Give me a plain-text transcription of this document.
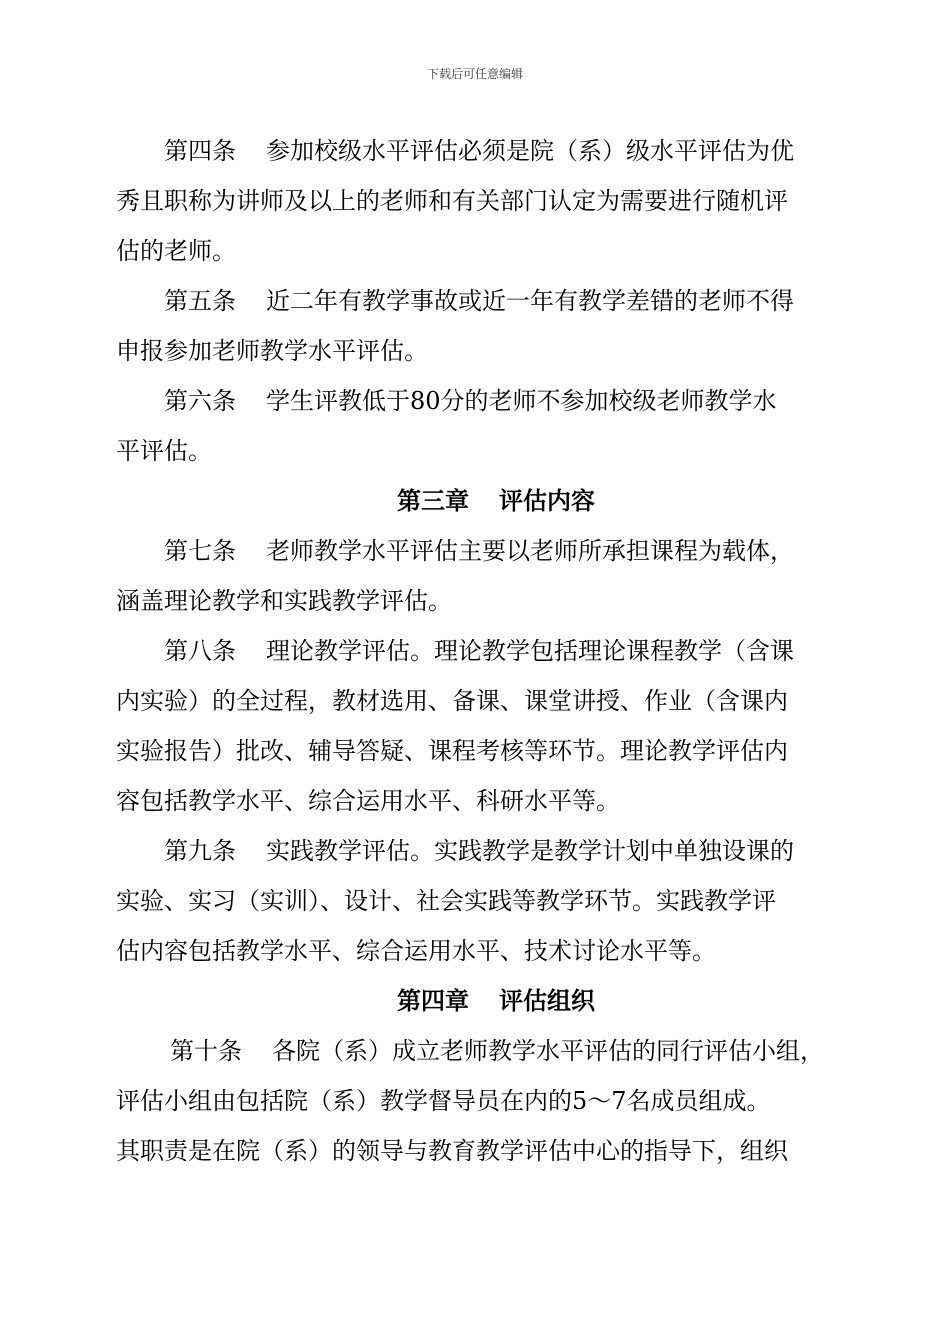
下载后可任意编辑
第四条 参加校级水平评估必须是院（系）级水平评估为优
秀且职称为讲师及以上的老师和有关部门认定为需要进行随机评
估的老师。
第五条 近二年有教学事故或近一年有教学差错的老师不得
申报参加老师教学水平评估。
第六条 学生评教低于80分的老师不参加校级老师教学水
平评估。
第三章 评估内容
第七条 老师教学水平评估主要以老师所承担课程为载体，
涵盖理论教学和实践教学评估。
第八条 理论教学评估。理论教学包括理论课程教学（含课
内实验）的全过程，教材选用、备课、课堂讲授、作业（含课内
实验报告）批改、辅导答疑、课程考核等环节。理论教学评估内
容包括教学水平、综合运用水平、科研水平等。
第九条 实践教学评估。实践教学是教学计划中单独设课的
实验、实习（实训）、设计、社会实践等教学环节。实践教学评
估内容包括教学水平、综合运用水平、技术讨论水平等。
第四章 评估组织
第十条 各院（系）成立老师教学水平评估的同行评估小组，
评估小组由包括院（系）教学督导员在内的5～7名成员组成。
其职责是在院（系）的领导与教育教学评估中心的指导下，组织
